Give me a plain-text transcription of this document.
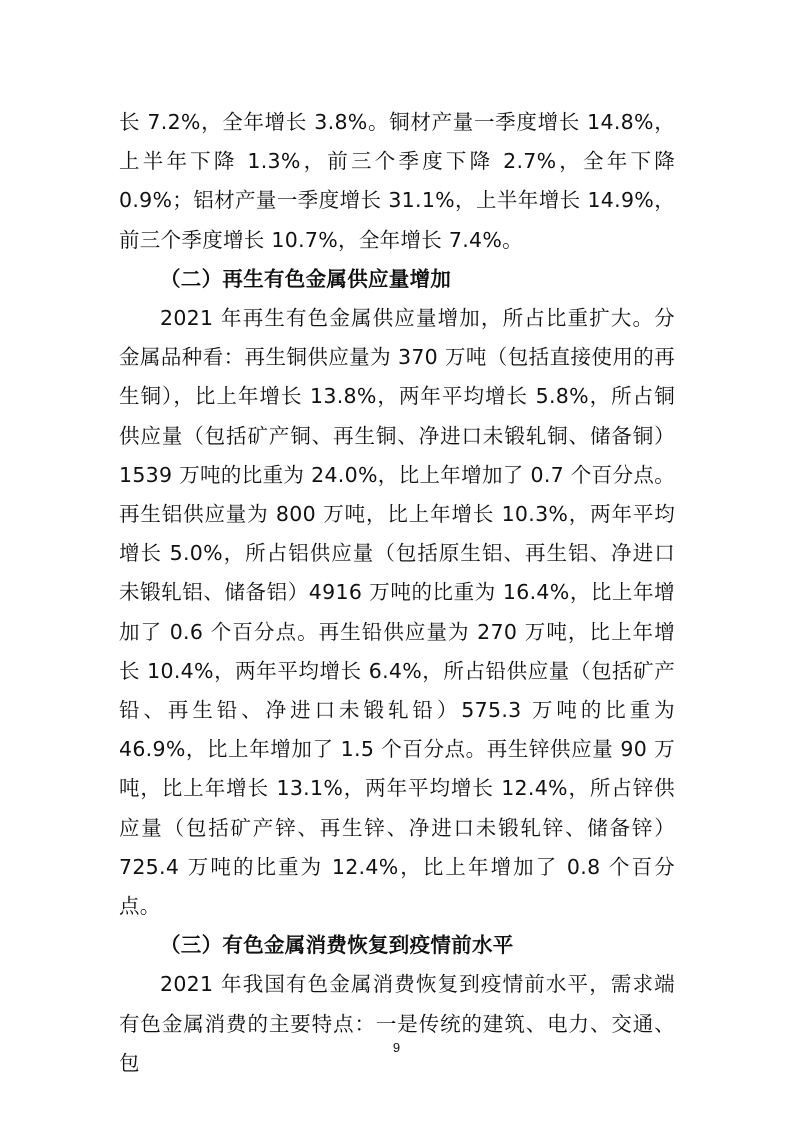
长 7.2%，全年增长 3.8%。铜材产量一季度增长 14.8%，上半年下降 1.3%，前三个季度下降 2.7%，全年下降 0.9%；铝材产量一季度增长 31.1%，上半年增长 14.9%，前三个季度增长 10.7%，全年增长 7.4%。

（二）再生有色金属供应量增加

2021 年再生有色金属供应量增加，所占比重扩大。分金属品种看：再生铜供应量为 370 万吨（包括直接使用的再生铜），比上年增长 13.8%，两年平均增长 5.8%，所占铜供应量（包括矿产铜、再生铜、净进口未锻轧铜、储备铜）1539 万吨的比重为 24.0%，比上年增加了 0.7 个百分点。再生铝供应量为 800 万吨，比上年增长 10.3%，两年平均增长 5.0%，所占铝供应量（包括原生铝、再生铝、净进口未锻轧铝、储备铝）4916 万吨的比重为 16.4%，比上年增加了 0.6 个百分点。再生铅供应量为 270 万吨，比上年增长 10.4%，两年平均增长 6.4%，所占铅供应量（包括矿产铅、再生铅、净进口未锻轧铅）575.3 万吨的比重为 46.9%，比上年增加了 1.5 个百分点。再生锌供应量 90 万吨，比上年增长 13.1%，两年平均增长 12.4%，所占锌供应量（包括矿产锌、再生锌、净进口未锻轧锌、储备锌）725.4 万吨的比重为 12.4%，比上年增加了 0.8 个百分点。

（三）有色金属消费恢复到疫情前水平

2021 年我国有色金属消费恢复到疫情前水平，需求端有色金属消费的主要特点：一是传统的建筑、电力、交通、包

9
